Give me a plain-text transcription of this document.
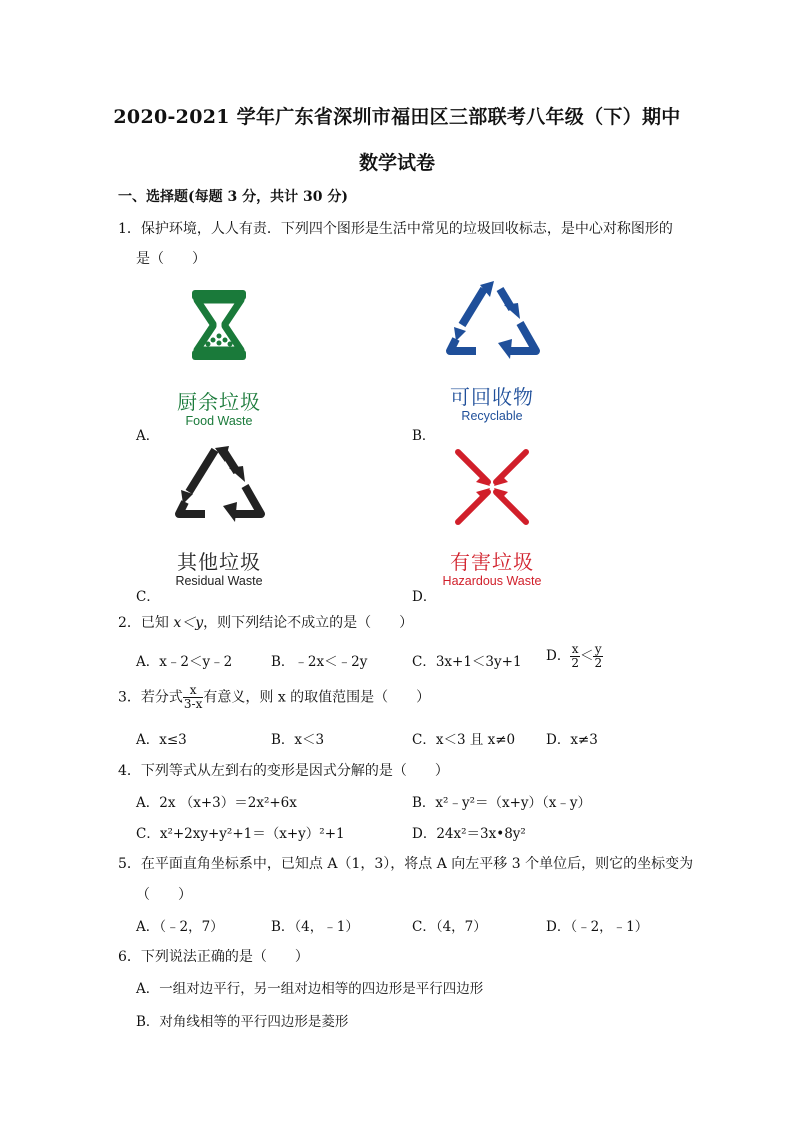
2020-2021 学年广东省深圳市福田区三部联考八年级（下）期中
数学试卷
一、选择题(每题 3 分，共计 30 分)
1．保护环境，人人有责．下列四个图形是生活中常见的垃圾回收标志，是中心对称图形的
是（　　）
A．
厨余垃圾
Food Waste
B．
可回收物
Recyclable
C．
其他垃圾
Residual Waste
D．
有害垃圾
Hazardous Waste
2．已知 x＜y，则下列结论不成立的是（　　）
A．x﹣2＜y﹣2	B．﹣2x＜﹣2y	C．3x+1＜3y+1 D． $\frac{x}{2} < \frac{y}{2}$
3．若分式 $\frac{x}{3-x}$ 有意义，则 x 的取值范围是（　　）
A．x≤3	B．x＜3	C．x＜3 且 x≠0 D．x≠3
4．下列等式从左到右的变形是因式分解的是（　　）
A．2x （x+3）＝2x²+6x	B．x²﹣y²＝（x+y）（x﹣y）
C．x²+2xy+y²+1＝（x+y）²+1	D．24x²＝3x•8y²
5．在平面直角坐标系中，已知点 A（1，3），将点 A 向左平移 3 个单位后，则它的坐标变为
（　　）
A．（﹣2，7）	B．（4，﹣1）	C．（4，7）	D．（﹣2，﹣1）
6．下列说法正确的是（　　）
A．一组对边平行，另一组对边相等的四边形是平行四边形
B．对角线相等的平行四边形是菱形
